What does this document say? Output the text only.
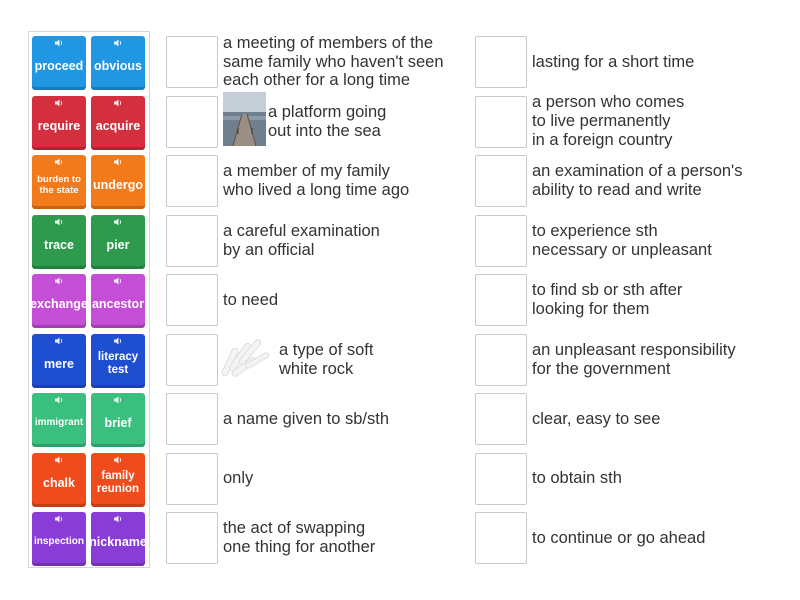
proceed obvious
require acquire
burden to the state	undergo
trace	pier
exchange ancestor
mere	literacy test
immigrant brief
chalk	family reunion
inspection nickname
a meeting of members of the
same family who haven't seen
each other for a long time
a platform going
out into the sea
a member of my family
who lived a long time ago
a careful examination
by an official
to need
a type of soft
white rock
a name given to sb/sth
only
the act of swapping
one thing for another
lasting for a short time
a person who comes
to live permanently
in a foreign country
an examination of a person's
ability to read and write
to experience sth
necessary or unpleasant
to find sb or sth after
looking for them
an unpleasant responsibility
for the government
clear, easy to see
to obtain sth
to continue or go ahead
